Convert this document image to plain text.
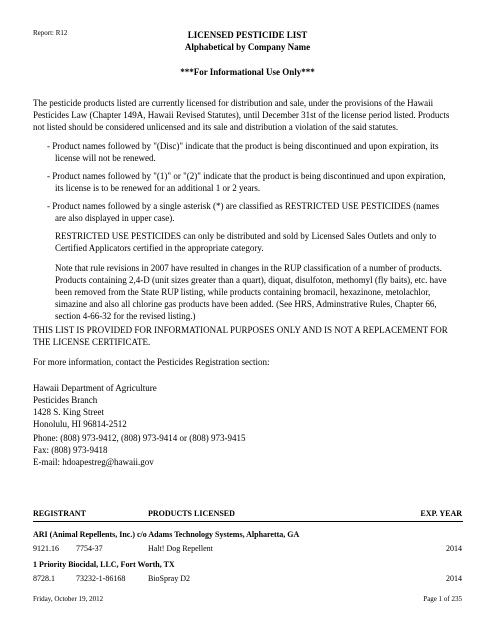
Report: R12	LICENSED PESTICIDE LIST
Alphabetical by Company Name
***For Informational Use Only***
The pesticide products listed are currently licensed for distribution and sale, under the provisions of the Hawaii
Pesticides Law (Chapter 149A, Hawaii Revised Statutes), until December 31st of the license period listed. Products
not listed should be considered unlicensed and its sale and distribution a violation of the said statutes.
- Product names followed by "(Disc)" indicate that the product is being discontinued and upon expiration, its
license will not be renewed.
- Product names followed by "(1)" or "(2)" indicate that the product is being discontinued and upon expiration,
its license is to be renewed for an additional 1 or 2 years.
- Product names followed by a single asterisk (*) are classified as RESTRICTED USE PESTICIDES (names
are also displayed in upper case).
RESTRICTED USE PESTICIDES can only be distributed and sold by Licensed Sales Outlets and only to
Certified Applicators certified in the appropriate category.
Note that rule revisions in 2007 have resulted in changes in the RUP classification of a number of products.
Products containing 2,4-D (unit sizes greater than a quart), diquat, disulfoton, methomyl (fly baits), etc. have
been removed from the State RUP listing, while products containing bromacil, hexazinone, metolachlor,
simazine and also all chlorine gas products have been added. (See HRS, Adminstrative Rules, Chapter 66,
section 4-66-32 for the revised listing.)
THIS LIST IS PROVIDED FOR INFORMATIONAL PURPOSES ONLY AND IS NOT A REPLACEMENT FOR
THE LICENSE CERTIFICATE.
For more information, contact the Pesticides Registration section:
Hawaii Department of Agriculture
Pesticides Branch
1428 S. King Street
Honolulu, HI 96814-2512
Phone: (808) 973-9412, (808) 973-9414 or (808) 973-9415
Fax: (808) 973-9418
E-mail: hdoapestreg@hawaii.gov
REGISTRANT	PRODUCTS LICENSED	EXP. YEAR
ARI (Animal Repellents, Inc.) c/o Adams Technology Systems, Alpharetta, GA
9121.16 7754-37	Halt! Dog Repellent	2014
1 Priority Biocidal, LLC, Fort Worth, TX
8728.1	73232-1-86168	BioSpray D2	2014
Friday, October 19, 2012	Page 1 of 235
